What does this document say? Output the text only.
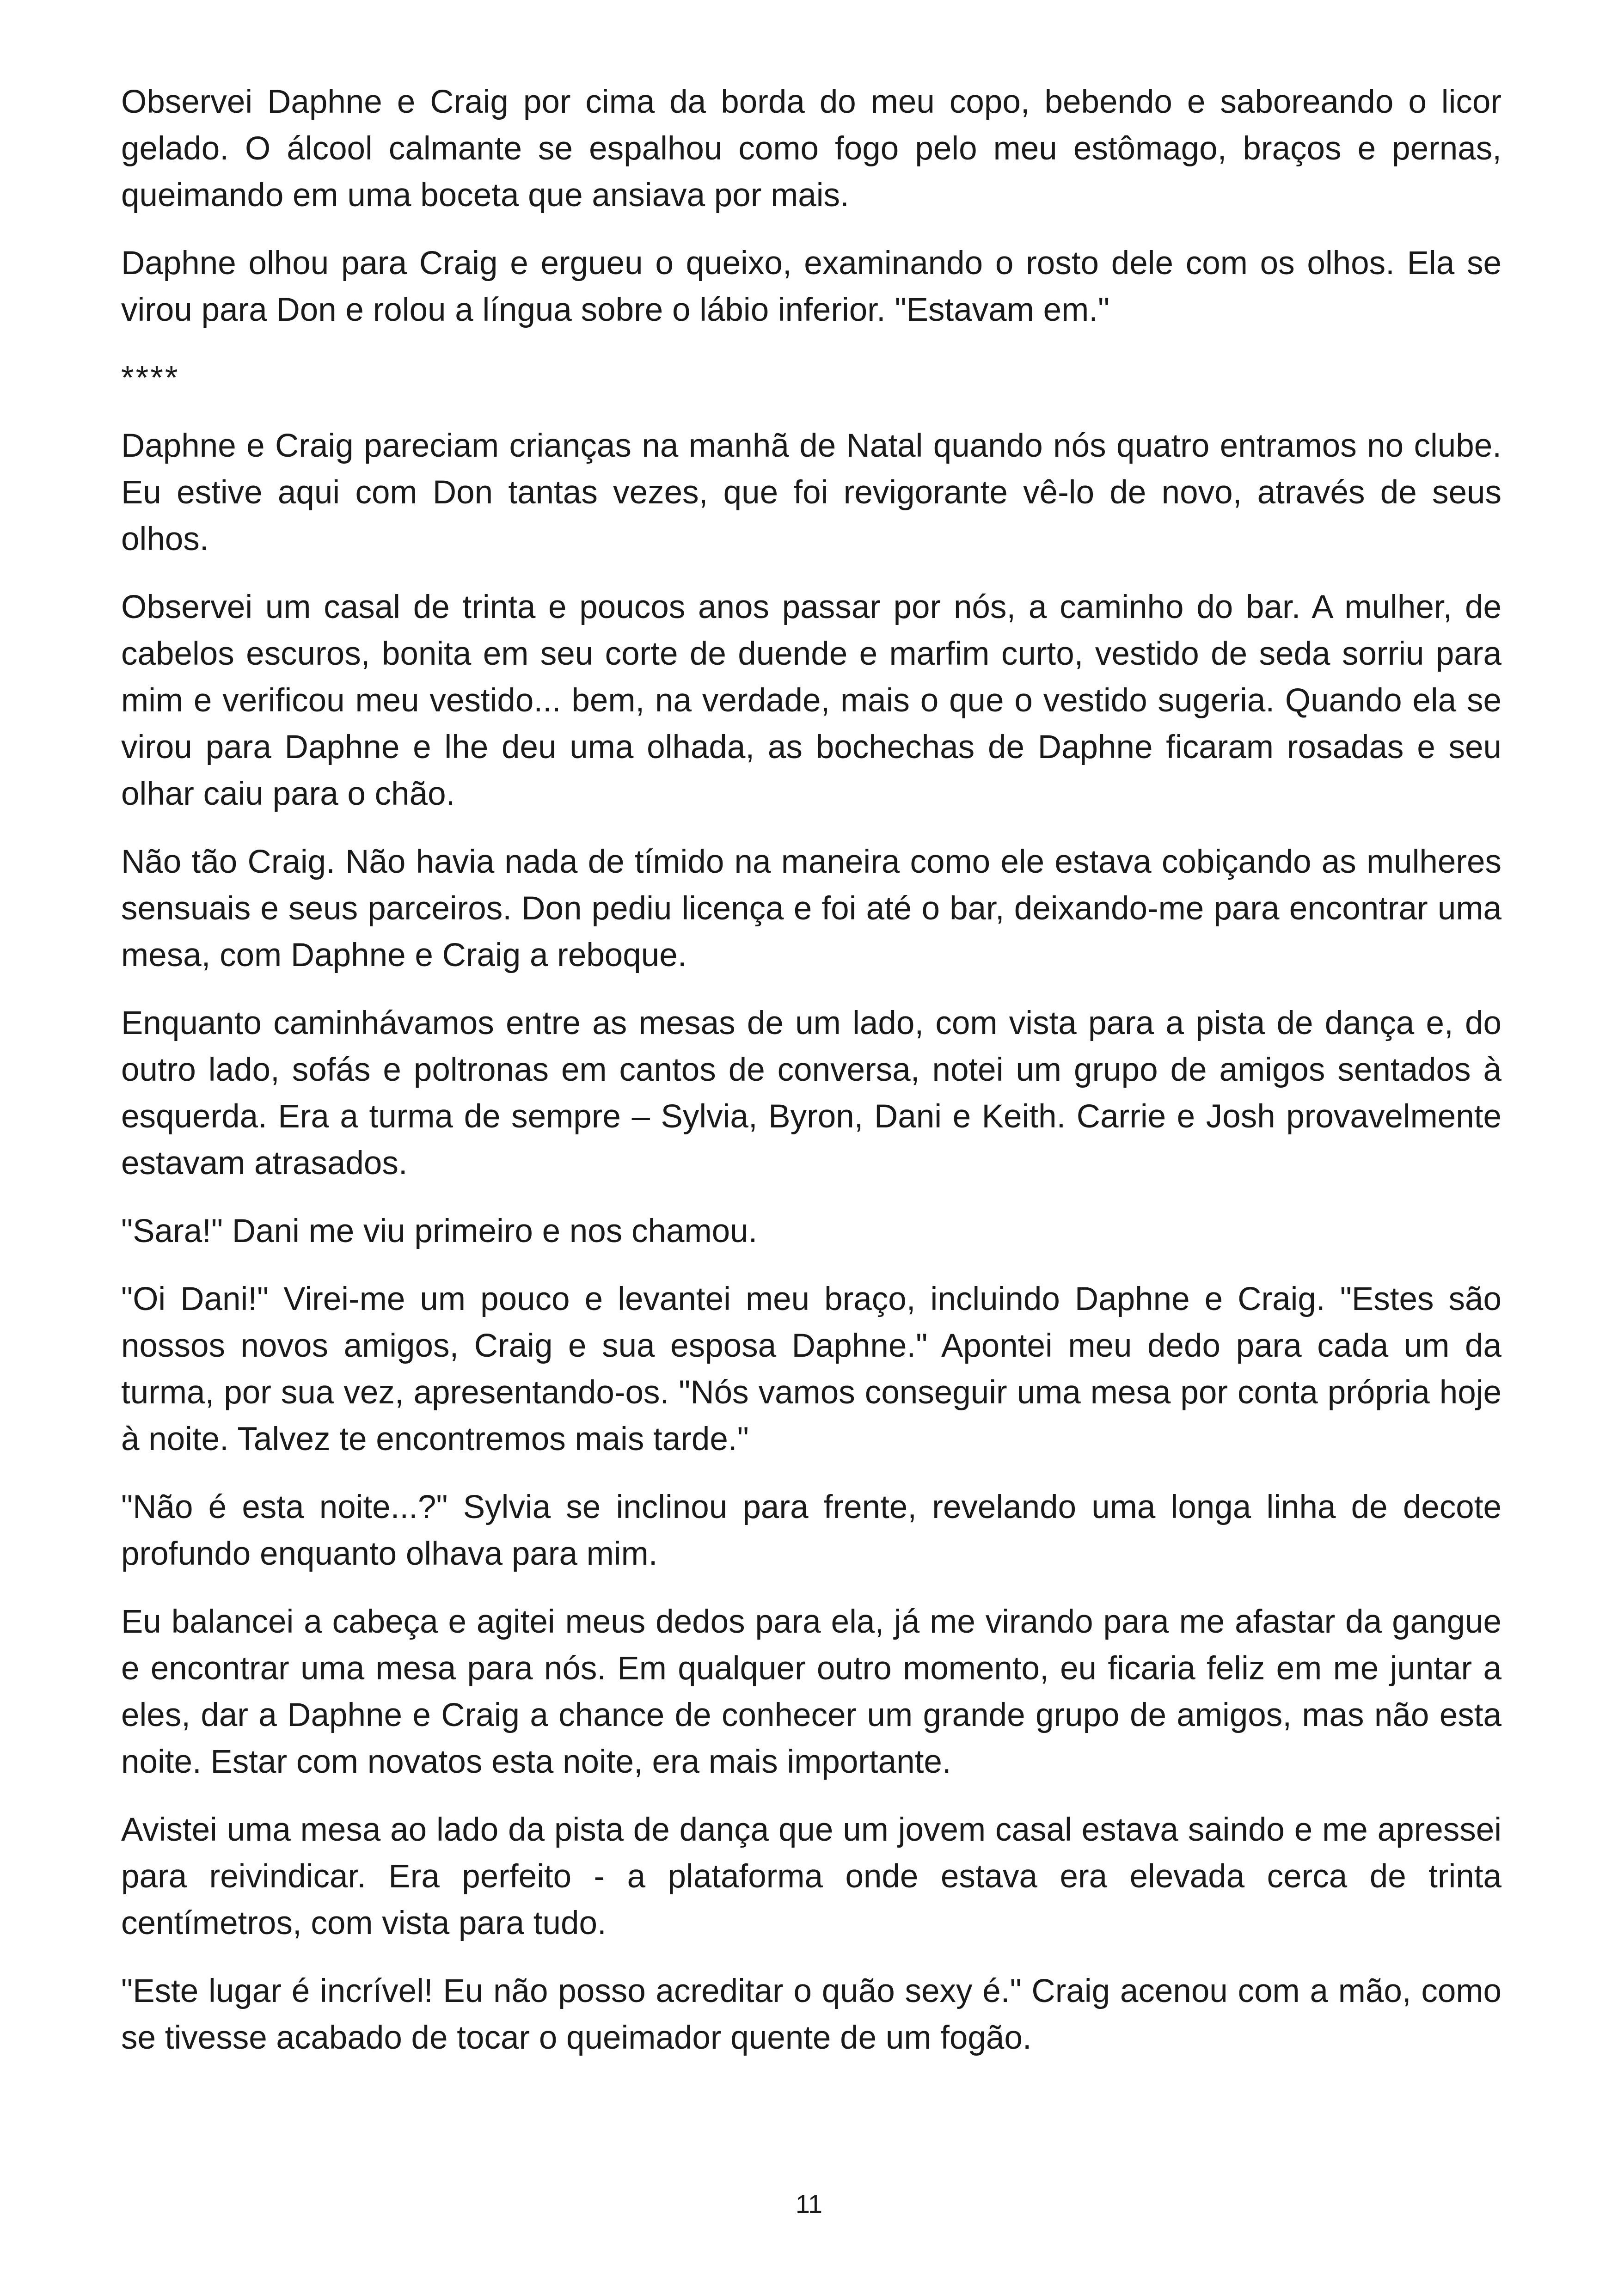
Observei Daphne e Craig por cima da borda do meu copo, bebendo e saboreando o licor gelado. O álcool calmante se espalhou como fogo pelo meu estômago, braços e pernas, queimando em uma boceta que ansiava por mais.

Daphne olhou para Craig e ergueu o queixo, examinando o rosto dele com os olhos. Ela se virou para Don e rolou a língua sobre o lábio inferior. "Estavam em."

****

Daphne e Craig pareciam crianças na manhã de Natal quando nós quatro entramos no clube. Eu estive aqui com Don tantas vezes, que foi revigorante vê-lo de novo, através de seus olhos.

Observei um casal de trinta e poucos anos passar por nós, a caminho do bar. A mulher, de cabelos escuros, bonita em seu corte de duende e marfim curto, vestido de seda sorriu para mim e verificou meu vestido... bem, na verdade, mais o que o vestido sugeria. Quando ela se virou para Daphne e lhe deu uma olhada, as bochechas de Daphne ficaram rosadas e seu olhar caiu para o chão.

Não tão Craig. Não havia nada de tímido na maneira como ele estava cobiçando as mulheres sensuais e seus parceiros. Don pediu licença e foi até o bar, deixando-me para encontrar uma mesa, com Daphne e Craig a reboque.

Enquanto caminhávamos entre as mesas de um lado, com vista para a pista de dança e, do outro lado, sofás e poltronas em cantos de conversa, notei um grupo de amigos sentados à esquerda. Era a turma de sempre – Sylvia, Byron, Dani e Keith. Carrie e Josh provavelmente estavam atrasados.

"Sara!" Dani me viu primeiro e nos chamou.

"Oi Dani!" Virei-me um pouco e levantei meu braço, incluindo Daphne e Craig. "Estes são nossos novos amigos, Craig e sua esposa Daphne." Apontei meu dedo para cada um da turma, por sua vez, apresentando-os. "Nós vamos conseguir uma mesa por conta própria hoje à noite. Talvez te encontremos mais tarde."

"Não é esta noite...?" Sylvia se inclinou para frente, revelando uma longa linha de decote profundo enquanto olhava para mim.

Eu balancei a cabeça e agitei meus dedos para ela, já me virando para me afastar da gangue e encontrar uma mesa para nós. Em qualquer outro momento, eu ficaria feliz em me juntar a eles, dar a Daphne e Craig a chance de conhecer um grande grupo de amigos, mas não esta noite. Estar com novatos esta noite, era mais importante.

Avistei uma mesa ao lado da pista de dança que um jovem casal estava saindo e me apressei para reivindicar. Era perfeito - a plataforma onde estava era elevada cerca de trinta centímetros, com vista para tudo.

"Este lugar é incrível! Eu não posso acreditar o quão sexy é." Craig acenou com a mão, como se tivesse acabado de tocar o queimador quente de um fogão.

11
